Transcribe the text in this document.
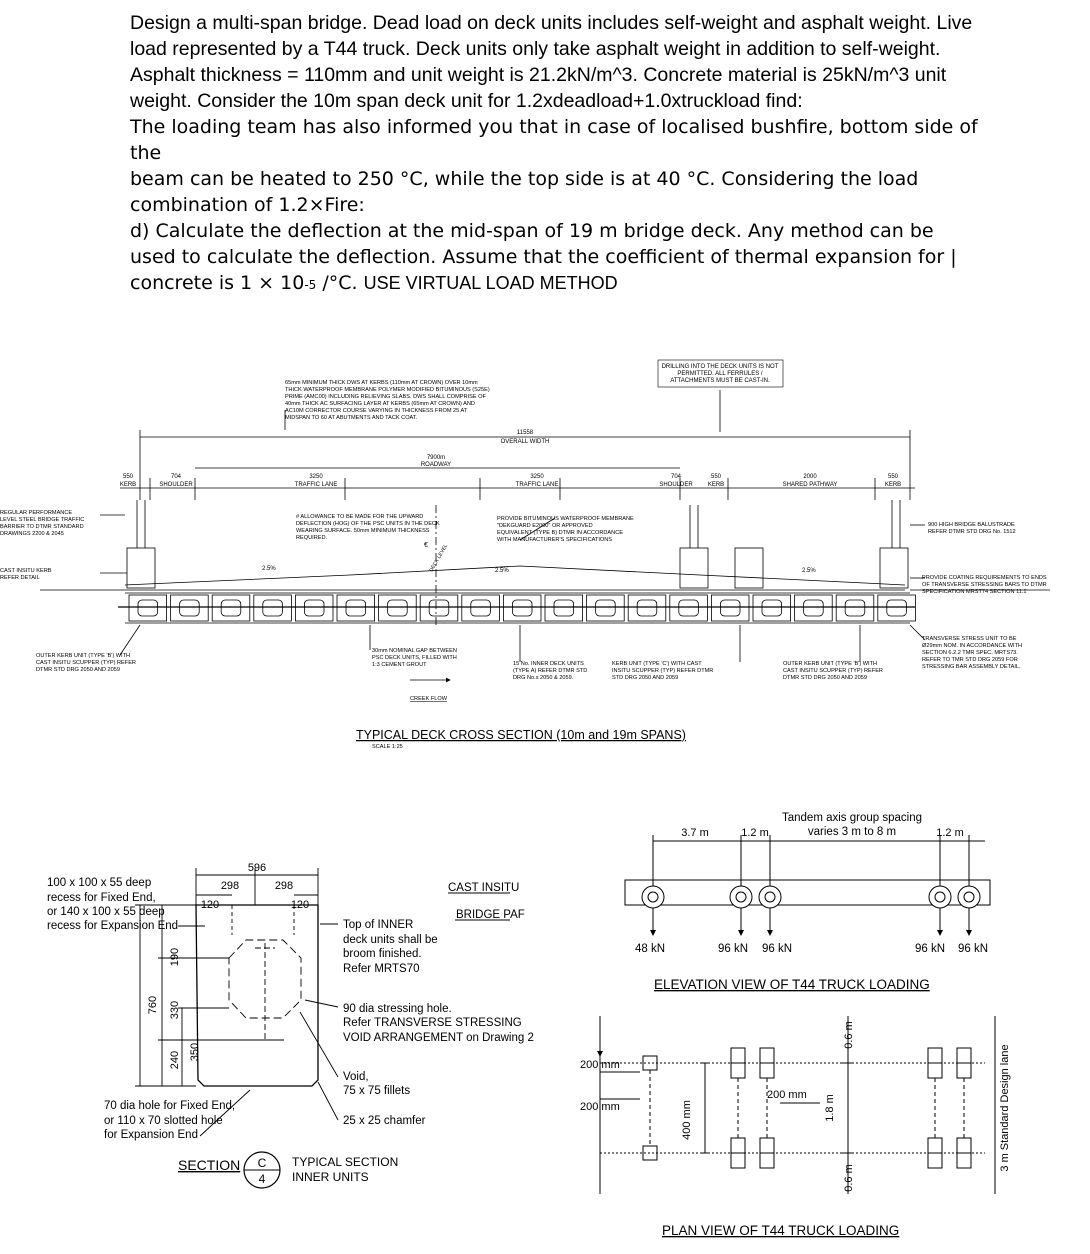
Design a multi-span bridge. Dead load on deck units includes self-weight and asphalt weight. Live load represented by a T44 truck. Deck units only take asphalt weight in addition to self-weight. Asphalt thickness = 110mm and unit weight is 21.2kN/m^3. Concrete material is 25kN/m^3 unit weight. Consider the 10m span deck unit for 1.2xdeadload+1.0xtruckload find:

The loading team has also informed you that in case of localised bushfire, bottom side of the

beam can be heated to 250 °C, while the top side is at 40 °C. Considering the load combination of 1.2×Fire:

d) Calculate the deflection at the mid-span of 19 m bridge deck. Any method can be used to calculate the deflection. Assume that the coefficient of thermal expansion for |
concrete is 1 × 10-5 /°C. USE VIRTUAL LOAD METHOD

DRILLING INTO THE DECK UNITS IS NOT PERMITTED. ALL FERRULES / ATTACHMENTS MUST BE CAST-IN.
65mm MINIMUM THICK DWS AT KERBS (110mm AT CROWN) OVER 10mm THICK WATERPROOF MEMBRANE POLYMER MODIFIED BITUMINOUS (S25E) PRIME (AMC00) INCLUDING RELIEVING SLABS. DWS SHALL COMPRISE OF 40mm THICK AC SURFACING LAYER AT KERBS (65mm AT CROWN) AND AC10M CORRECTOR COURSE VARYING IN THICKNESS FROM 25 AT MIDSPAN TO 60 AT ABUTMENTS AND TACK COAT.
11558
OVERALL WIDTH
7900m
ROADWAY
550 KERB
704 SHOULDER
3250 TRAFFIC LANE
3250 TRAFFIC LANE
704 SHOULDER
550 KERB
2000 SHARED PATHWAY
550 KERB
REGULAR PERFORMANCE LEVEL STEEL BRIDGE TRAFFIC BARRIER TO DTMR STANDARD DRAWINGS 2200 & 2045
CAST INSITU KERB REFER DETAIL
# ALLOWANCE TO BE MADE FOR THE UPWARD DEFLECTION (HOG) OF THE PSC UNITS IN THE DECK WEARING SURFACE. 50mm MINIMUM THICKNESS REQUIRED.
PROVIDE BITUMINOUS WATERPROOF MEMBRANE "DEKGUARD E2000" OR APPROVED EQUIVALENT (TYPE B) DTMR IN ACCORDANCE WITH MANUFACTURER'S SPECIFICATIONS
900 HIGH BRIDGE BALUSTRADE REFER DTMR STD DRG No. 1512
PROVIDE COATING REQUIREMENTS TO ENDS OF TRANSVERSE STRESSING BARS TO DTMR SPECIFICATION MRST74 SECTION 11.1
TRANSVERSE STRESS UNIT TO BE Ø29mm NOM. IN ACCORDANCE WITH SECTION 6.2.2 TMR SPEC. MRTS73. REFER TO TMR STD DRG 2059 FOR STRESSING BAR ASSEMBLY DETAIL.
OUTER KERB UNIT (TYPE 'B') WITH CAST INSITU SCUPPER (TYP) REFER DTMR STD DRG 2050 AND 2059
30mm NOMINAL GAP BETWEEN PSC DECK UNITS, FILLED WITH 1:3 CEMENT GROUT	15 No. INNER DECK UNITS (TYPE A) REFER DTMR STD DRG No.s 2050 & 2059.
KERB UNIT (TYPE 'C') WITH CAST INSITU SCUPPER (TYP) REFER DTMR STD DRG 2050 AND 2059
OUTER KERB UNIT (TYPE 'B') WITH CAST INSITU SCUPPER (TYP) REFER DTMR STD DRG 2050 AND 2059
CREEK FLOW
2.5%	2.5%	2.5%
DECK LEVEL
€
TYPICAL DECK CROSS SECTION (10m and 19m SPANS)
SCALE 1:25
596
298	298
120	120
760
190
330
240 350
100 x 100 x 55 deep recess for Fixed End, or 140 x 100 x 55 deep recess for Expansion End	Top of INNER deck units shall be broom finished. Refer MRTS70
90 dia stressing hole. Refer TRANSVERSE STRESSING VOID ARRANGEMENT on Drawing 2
Void, 75 x 75 fillets
25 x 25 chamfer
70 dia hole for Fixed End, or 110 x 70 slotted hole for Expansion End
CAST INSITU
BRIDGE PAF
SECTION C
4
TYPICAL SECTION INNER UNITS
3.7 m	1.2 m	1.2 m
Tandem axis group spacing varies 3 m to 8 m
48 kN	96 kN 96 kN	96 kN 96 kN
ELEVATION VIEW OF T44 TRUCK LOADING
200 mm
200 mm
200 mm
400 mm
0.6 m
1.8 m
0.6 m
3 m Standard Design lane
PLAN VIEW OF T44 TRUCK LOADING
